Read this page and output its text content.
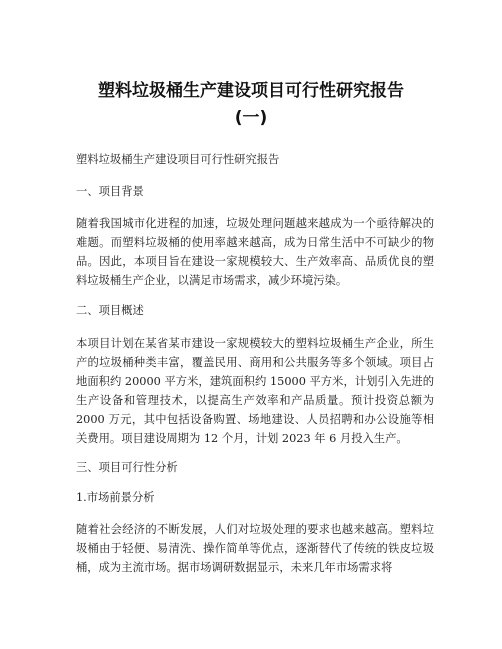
塑料垃圾桶生产建设项目可行性研究报告
(一)

塑料垃圾桶生产建设项目可行性研究报告

一、项目背景

随着我国城市化进程的加速，垃圾处理问题越来越成为一个亟待解决的难题。而塑料垃圾桶的使用率越来越高，成为日常生活中不可缺少的物品。因此，本项目旨在建设一家规模较大、生产效率高、品质优良的塑料垃圾桶生产企业，以满足市场需求，减少环境污染。

二、项目概述

本项目计划在某省某市建设一家规模较大的塑料垃圾桶生产企业，所生产的垃圾桶种类丰富，覆盖民用、商用和公共服务等多个领域。项目占地面积约 20000 平方米，建筑面积约 15000 平方米，计划引入先进的生产设备和管理技术，以提高生产效率和产品质量。预计投资总额为 2000 万元，其中包括设备购置、场地建设、人员招聘和办公设施等相关费用。项目建设周期为 12 个月，计划 2023 年 6 月投入生产。

三、项目可行性分析

1.市场前景分析

随着社会经济的不断发展，人们对垃圾处理的要求也越来越高。塑料垃圾桶由于轻便、易清洗、操作简单等优点，逐渐替代了传统的铁皮垃圾桶，成为主流市场。据市场调研数据显示，未来几年市场需求将
